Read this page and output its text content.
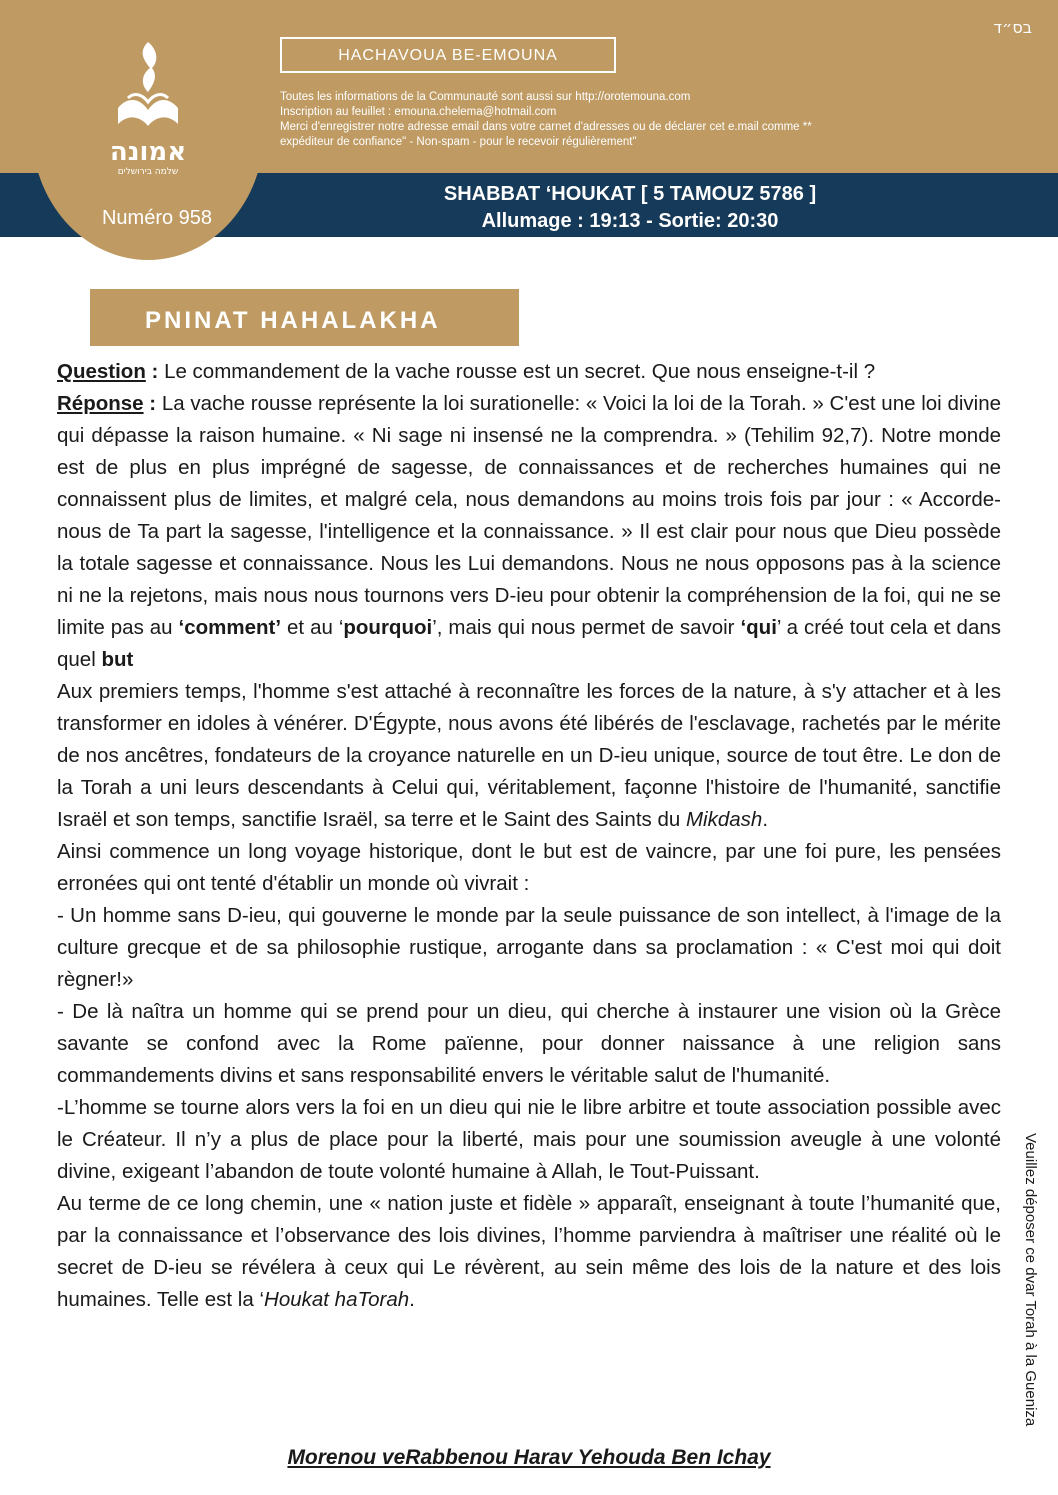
אמונה
שלמה בירושלים
Numéro 958
בס״ד
HACHAVOUA BE-EMOUNA
Toutes les informations de la Communauté sont aussi sur http://orotemouna.com
Inscription au feuillet : emouna.chelema@hotmail.com
Merci d'enregistrer notre adresse email dans votre carnet d'adresses ou de déclarer cet e.mail comme **
expéditeur de confiance" - Non-spam - pour le recevoir régulièrement"
SHABBAT ‘HOUKAT [ 5 TAMOUZ 5786 ]
Allumage : 19:13 - Sortie: 20:30
PNINAT HAHALAKHA

Question : Le commandement de la vache rousse est un secret. Que nous enseigne-t-il ?

Réponse : La vache rousse représente la loi surationelle: « Voici la loi de la Torah. » C'est une loi divine qui dépasse la raison humaine. « Ni sage ni insensé ne la comprendra. » (Tehilim 92,7). Notre monde est de plus en plus imprégné de sagesse, de connaissances et de recherches humaines qui ne connaissent plus de limites, et malgré cela, nous demandons au moins trois fois par jour : « Accorde-nous de Ta part la sagesse, l'intelligence et la connaissance. » Il est clair pour nous que Dieu possède la totale sagesse et connaissance. Nous les Lui demandons. Nous ne nous opposons pas à la science ni ne la rejetons, mais nous nous tournons vers D-ieu pour obtenir la compréhension de la foi, qui ne se limite pas au ‘comment’ et au ‘pourquoi’, mais qui nous permet de savoir ‘qui’ a créé tout cela et dans quel but

Aux premiers temps, l'homme s'est attaché à reconnaître les forces de la nature, à s'y attacher et à les transformer en idoles à vénérer. D'Égypte, nous avons été libérés de l'esclavage, rachetés par le mérite de nos ancêtres, fondateurs de la croyance naturelle en un D-ieu unique, source de tout être. Le don de la Torah a uni leurs descendants à Celui qui, véritablement, façonne l'histoire de l'humanité, sanctifie Israël et son temps, sanctifie Israël, sa terre et le Saint des Saints du Mikdash.

Ainsi commence un long voyage historique, dont le but est de vaincre, par une foi pure, les pensées erronées qui ont tenté d'établir un monde où vivrait :

- Un homme sans D-ieu, qui gouverne le monde par la seule puissance de son intellect, à l'image de la culture grecque et de sa philosophie rustique, arrogante dans sa proclamation : « C'est moi qui doit règner!»

- De là naîtra un homme qui se prend pour un dieu, qui cherche à instaurer une vision où la Grèce savante se confond avec la Rome païenne, pour donner naissance à une religion sans commandements divins et sans responsabilité envers le véritable salut de l'humanité.

-L’homme se tourne alors vers la foi en un dieu qui nie le libre arbitre et toute association possible avec le Créateur. Il n’y a plus de place pour la liberté, mais pour une soumission aveugle à une volonté divine, exigeant l’abandon de toute volonté humaine à Allah, le Tout-Puissant.

Au terme de ce long chemin, une « nation juste et fidèle » apparaît, enseignant à toute l’humanité que, par la connaissance et l’observance des lois divines, l’homme parviendra à maîtriser une réalité où le secret de D-ieu se révélera à ceux qui Le révèrent, au sein même des lois de la nature et des lois humaines. Telle est la ‘Houkat haTorah.

Morenou veRabbenou Harav Yehouda Ben Ichay
Veuillez déposer ce dvar Torah à la Guenizа
